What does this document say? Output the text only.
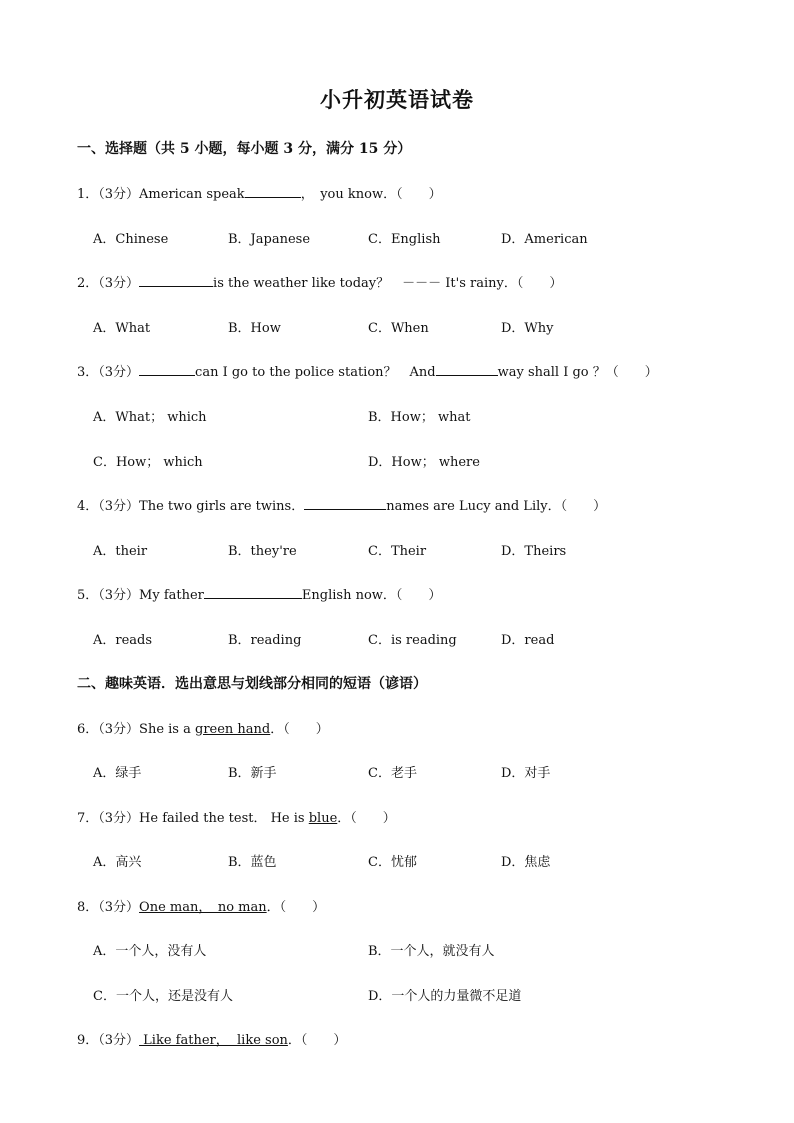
小升初英语试卷
一、选择题（共 5 小题，每小题 3 分，满分 15 分）
1．（3分）American speak	，　you know．（　　）
A．Chinese	B．Japanese	C．English	D．American
2．（3分）	is the weather like today？　－－－ It's rainy．（　　）
A．What	B．How	C．When	D．Why
3．（3分）	can I go to the police station？　And	way shall I go ？（　　）
A．What； which	B．How； what
C．How； which	D．How； where
4．（3分）The two girls are twins．	names are Lucy and Lily．（　　）
A．their	B．they're	C．Their	D．Theirs
5．（3分）My father	English now．（　　）
A．reads	B．reading	C．is reading	D．read
二、趣味英语．选出意思与划线部分相同的短语（谚语）
6．（3分）She is a green hand．（　　）
A．绿手	B．新手	C．老手	D．对手
7．（3分）He failed the test． He is blue．（　　）
A．高兴	B．蓝色	C．忧郁	D．焦虑
8．（3分）One man，　no man．（　　）
A．一个人，没有人	B．一个人，就没有人
C．一个人，还是没有人	D．一个人的力量微不足道
9．（3分） Like father，  like son．（　　）
